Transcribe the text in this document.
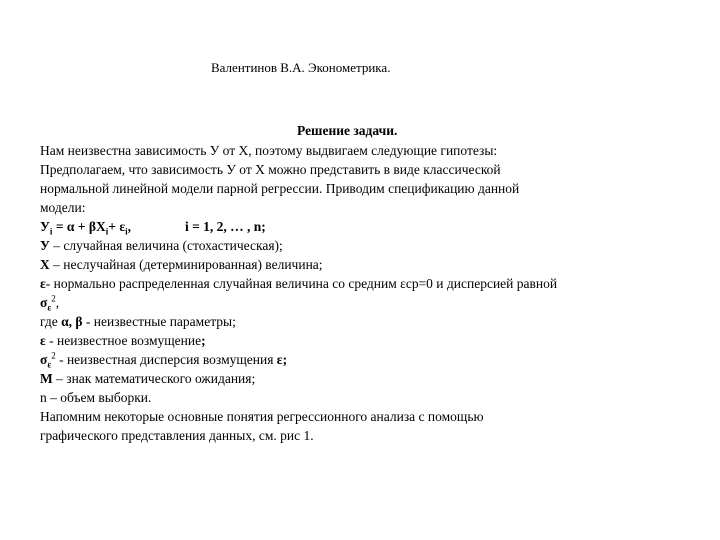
Валентинов В.А. Эконометрика.
Решение задачи.
Нам неизвестна зависимость У от Х, поэтому выдвигаем следующие гипотезы:
Предполагаем, что зависимость У от Х можно представить в виде классической
нормальной линейной модели парной регрессии. Приводим спецификацию данной
модели:
$У_i = \alpha + \beta Х_i+ \varepsilon_i$,	i = 1, 2, … , n;
У – случайная величина (стохастическая);
Х – неслучайная (детерминированная) величина;
ε- нормально распределенная случайная величина со средним εср=0 и дисперсией равной
$\sigma_\varepsilon^2$,
где α, β - неизвестные параметры;
ε - неизвестное возмущение;
$\sigma_\varepsilon^2$ - неизвестная дисперсия возмущения ε;
М – знак математического ожидания;
n – объем выборки.
Напомним некоторые основные понятия регрессионного анализа с помощью
графического представления данных, см. рис 1.
